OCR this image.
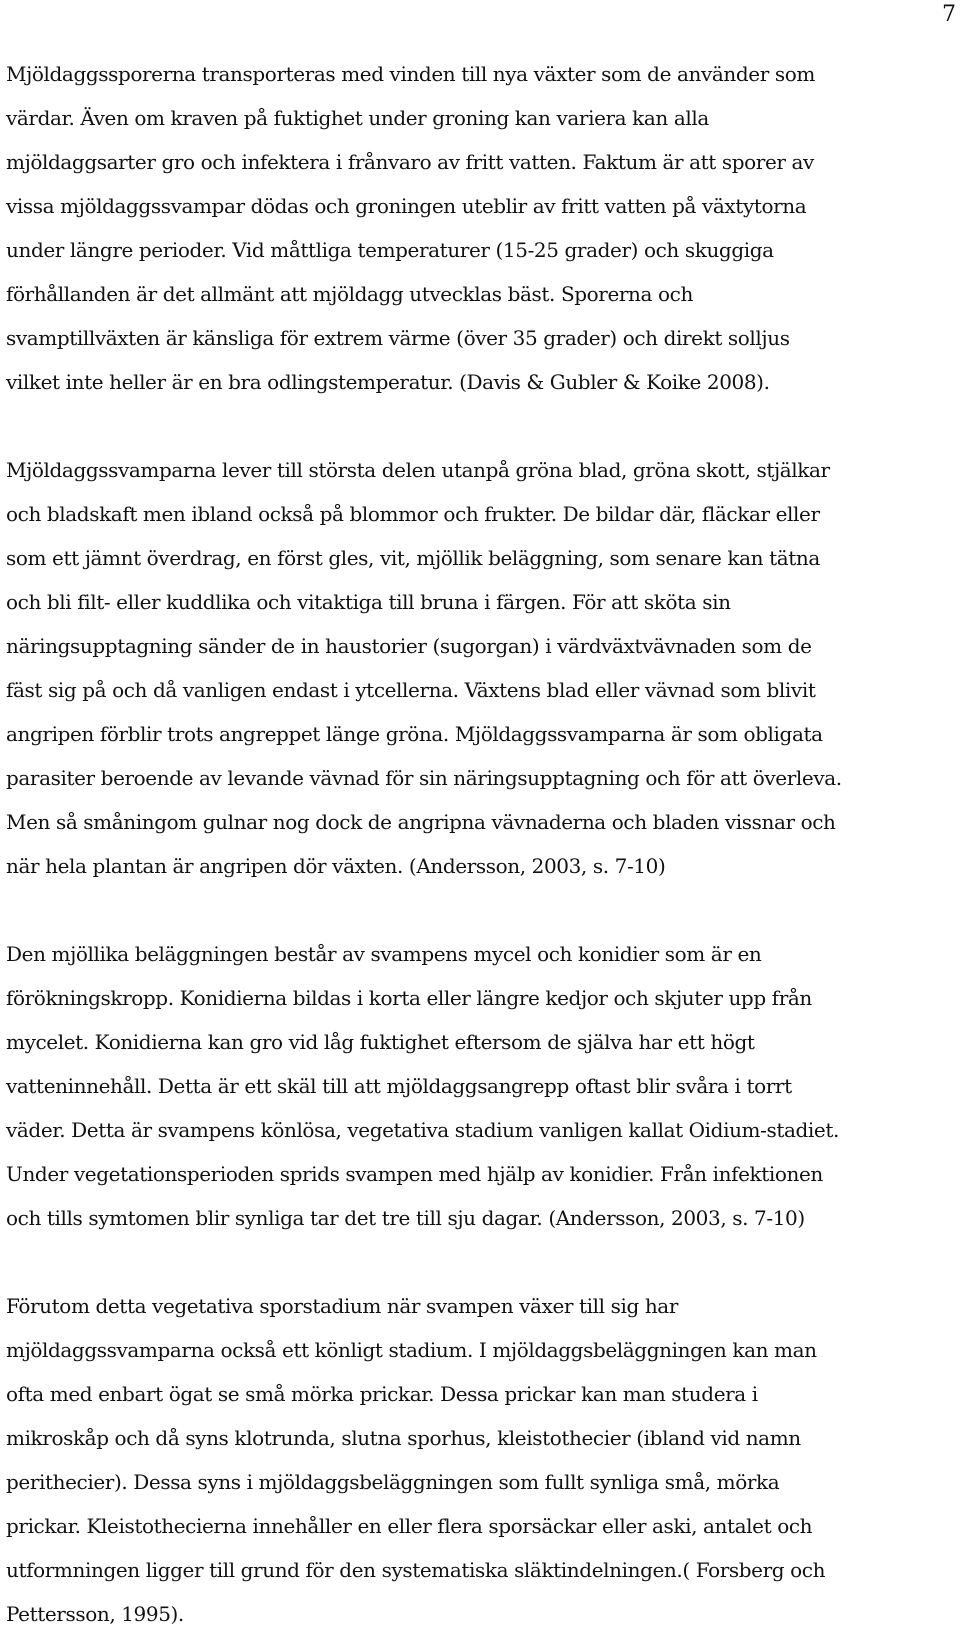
7
Mjöldaggssporerna transporteras med vinden till nya växter som de använder som
värdar. Även om kraven på fuktighet under groning kan variera kan alla
mjöldaggsarter gro och infektera i frånvaro av fritt vatten. Faktum är att sporer av
vissa mjöldaggssvampar dödas och groningen uteblir av fritt vatten på växtytorna
under längre perioder. Vid måttliga temperaturer (15-25 grader) och skuggiga
förhållanden är det allmänt att mjöldagg utvecklas bäst. Sporerna och
svamptillväxten är känsliga för extrem värme (över 35 grader) och direkt solljus
vilket inte heller är en bra odlingstemperatur. (Davis & Gubler & Koike 2008).
Mjöldaggssvamparna lever till största delen utanpå gröna blad, gröna skott, stjälkar
och bladskaft men ibland också på blommor och frukter. De bildar där, fläckar eller
som ett jämnt överdrag, en först gles, vit, mjöllik beläggning, som senare kan tätna
och bli filt- eller kuddlika och vitaktiga till bruna i färgen. För att sköta sin
näringsupptagning sänder de in haustorier (sugorgan) i värdväxtvävnaden som de
fäst sig på och då vanligen endast i ytcellerna. Växtens blad eller vävnad som blivit
angripen förblir trots angreppet länge gröna. Mjöldaggssvamparna är som obligata
parasiter beroende av levande vävnad för sin näringsupptagning och för att överleva.
Men så småningom gulnar nog dock de angripna vävnaderna och bladen vissnar och
när hela plantan är angripen dör växten. (Andersson, 2003, s. 7-10)
Den mjöllika beläggningen består av svampens mycel och konidier som är en
förökningskropp. Konidierna bildas i korta eller längre kedjor och skjuter upp från
mycelet. Konidierna kan gro vid låg fuktighet eftersom de själva har ett högt
vatteninnehåll. Detta är ett skäl till att mjöldaggsangrepp oftast blir svåra i torrt
väder. Detta är svampens könlösa, vegetativa stadium vanligen kallat Oidium-stadiet.
Under vegetationsperioden sprids svampen med hjälp av konidier. Från infektionen
och tills symtomen blir synliga tar det tre till sju dagar. (Andersson, 2003, s. 7-10)
Förutom detta vegetativa sporstadium när svampen växer till sig har
mjöldaggssvamparna också ett könligt stadium. I mjöldaggsbeläggningen kan man
ofta med enbart ögat se små mörka prickar. Dessa prickar kan man studera i
mikroskåp och då syns klotrunda, slutna sporhus, kleistothecier (ibland vid namn
perithecier). Dessa syns i mjöldaggsbeläggningen som fullt synliga små, mörka
prickar. Kleistothecierna innehåller en eller flera sporsäckar eller aski, antalet och
utformningen ligger till grund för den systematiska släktindelningen.( Forsberg och
Pettersson, 1995).
